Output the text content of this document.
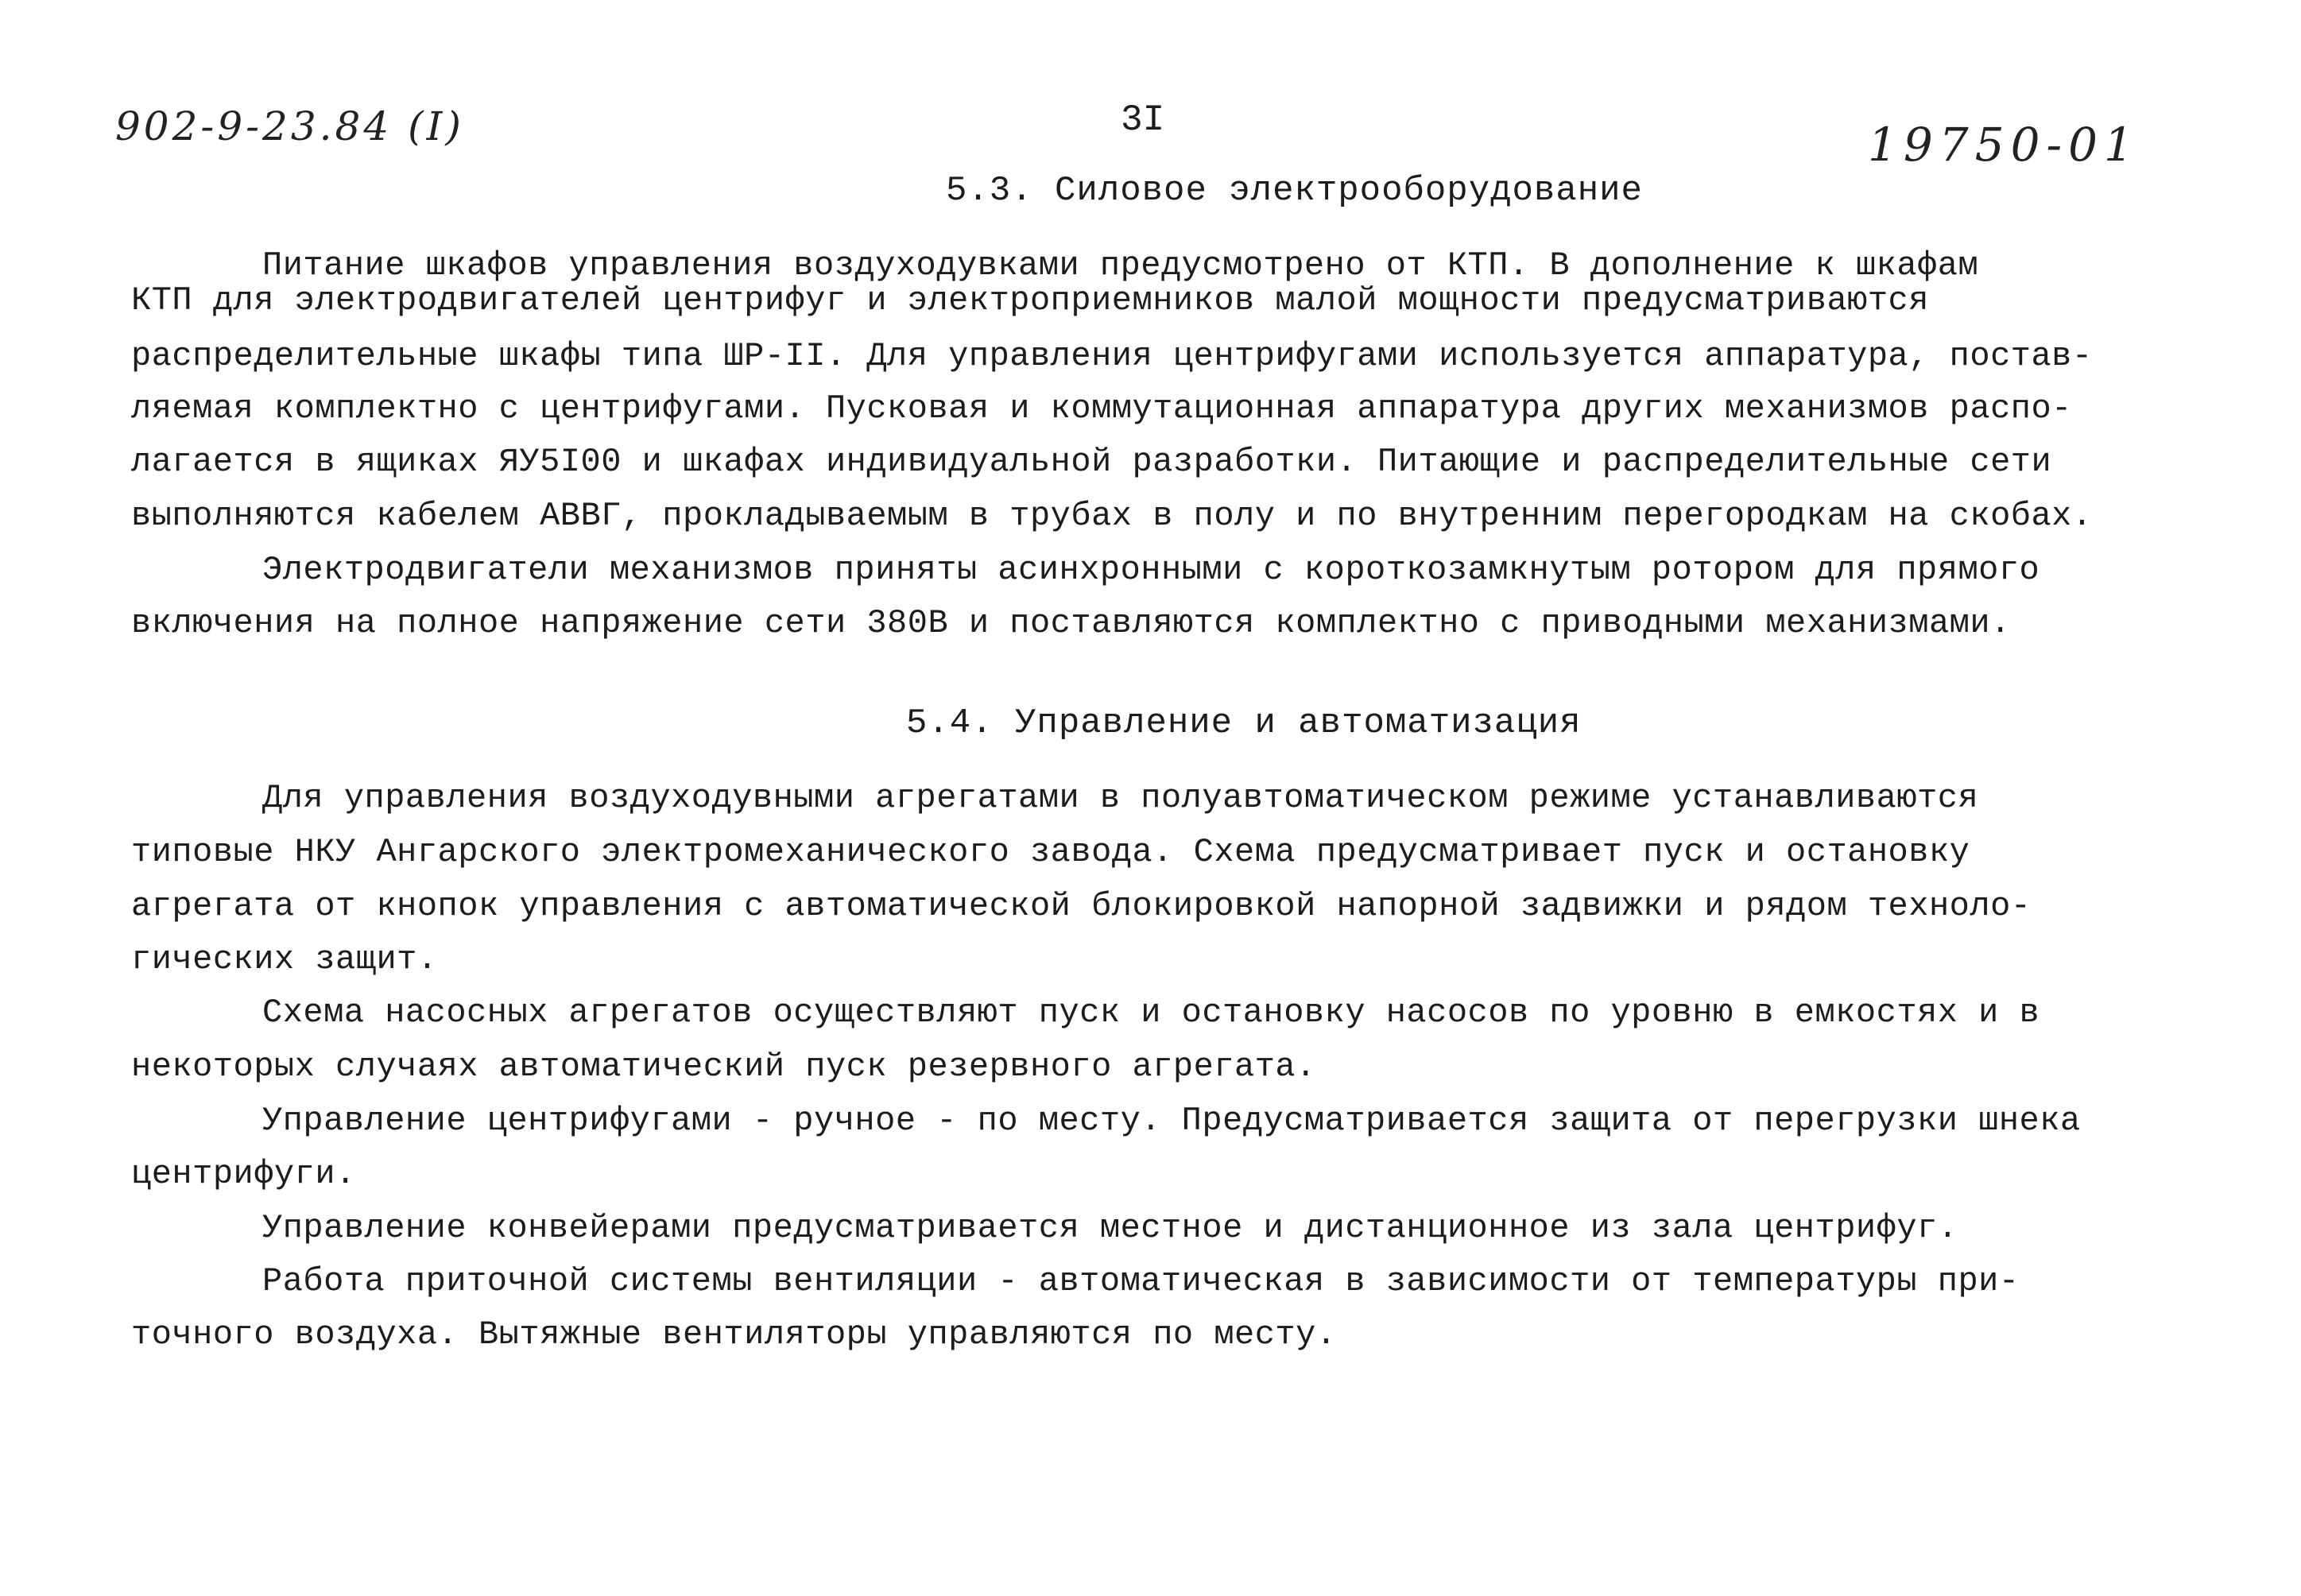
902-9-23.84 (I)	3I	19750-01
5.3. Силовое электрооборудование
Питание шкафов управления воздуходувками предусмотрено от КТП. В дополнение к шкафам
КТП для электродвигателей центрифуг и электроприемников малой мощности предусматриваются
распределительные шкафы типа ШР-II. Для управления центрифугами используется аппаратура, постав-
ляемая комплектно с центрифугами. Пусковая и коммутационная аппаратура других механизмов распо-
лагается в ящиках ЯУ5I00 и шкафах индивидуальной разработки. Питающие и распределительные сети
выполняются кабелем АВВГ, прокладываемым в трубах в полу и по внутренним перегородкам на скобах.
Электродвигатели механизмов приняты асинхронными с короткозамкнутым ротором для прямого
включения на полное напряжение сети 380В и поставляются комплектно с приводными механизмами.
5.4. Управление и автоматизация
Для управления воздуходувными агрегатами в полуавтоматическом режиме устанавливаются
типовые НКУ Ангарского электромеханического завода. Схема предусматривает пуск и остановку
агрегата от кнопок управления с автоматической блокировкой напорной задвижки и рядом техноло-
гических защит.
Схема насосных агрегатов осуществляют пуск и остановку насосов по уровню в емкостях и в
некоторых случаях автоматический пуск резервного агрегата.
Управление центрифугами - ручное - по месту. Предусматривается защита от перегрузки шнека
центрифуги.
Управление конвейерами предусматривается местное и дистанционное из зала центрифуг.
Работа приточной системы вентиляции - автоматическая в зависимости от температуры при-
точного воздуха. Вытяжные вентиляторы управляются по месту.
